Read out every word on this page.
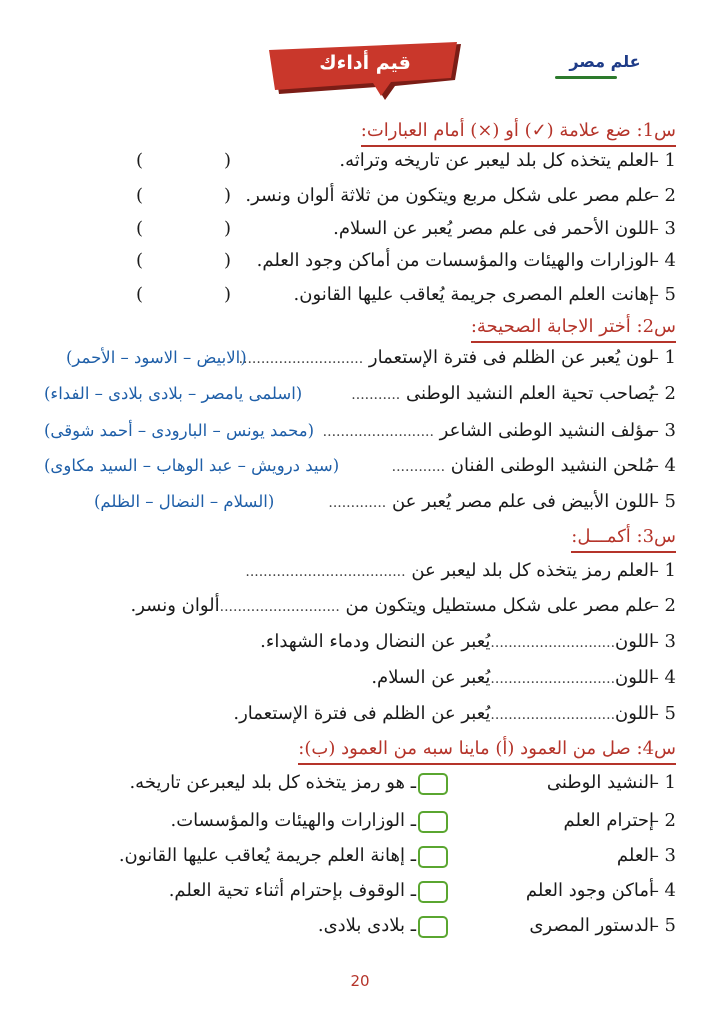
علم مصر
قيم أداءك
س1: ضع علامة (✓) أو (×) أمام العبارات:
1 –
العلم يتخذه كل بلد ليعبر عن تاريخه وتراثه.
(
)
2 –
علم مصر على شكل مربع ويتكون من ثلاثة ألوان ونسر.
(
)
3 –
اللون الأحمر فى علم مصر يُعبر عن السلام.
(
)
4 –
الوزارات والهيئات والمؤسسات من أماكن وجود العلم.
(
)
5 –
إهانت العلم المصرى جريمة يُعاقب عليها القانون.
(
)
س2: أختر الاجابة الصحيحة:
1 –
لون يُعبر عن الظلم فى فترة الإستعمار ............................
(الابيض – الاسود – الأحمر)
2 –
يُصاحب تحية العلم النشيد الوطنى ...........
(اسلمى يامصر – بلادى بلادى – الفداء)
3 –
مؤلف النشيد الوطنى الشاعر .........................
(محمد يونس – البارودى – أحمد شوقى)
4 –
مُلحن النشيد الوطنى الفنان ............
(سيد درويش – عبد الوهاب – السيد مكاوى)
5 –
اللون الأبيض فى علم مصر يُعبر عن .............
(السلام – النضال – الظلم)
س3: أكمـــل:
1 –
العلم رمز يتخذه كل بلد ليعبر عن ....................................
2 –
علم مصر على شكل مستطيل ويتكون من ...........................ألوان ونسر.
3 –
اللون............................يُعبر عن النضال ودماء الشهداء.
4 –
اللون............................يُعبر عن السلام.
5 –
اللون............................يُعبر عن الظلم فى فترة الإستعمار.
س4: صل من العمود (أ) ماينا سبه من العمود (ب):
1 –
النشيد الوطنى
ـ هو رمز يتخذه كل بلد ليعبرعن تاريخه.
2 –
إحترام العلم
ـ الوزارات والهيئات والمؤسسات.
3 –
العلم
ـ إهانة العلم جريمة يُعاقب عليها القانون.
4 –
أماكن وجود العلم
ـ الوقوف بإحترام أثناء تحية العلم.
5 –
الدستور المصرى
ـ بلادى بلادى.
20
